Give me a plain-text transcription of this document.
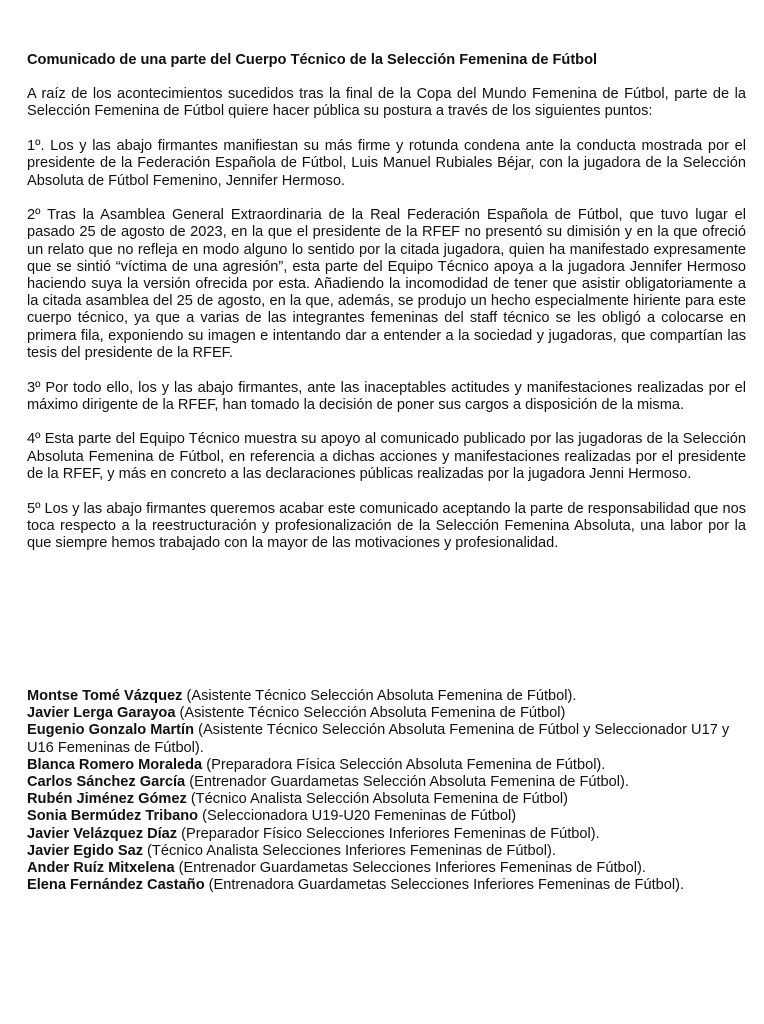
Comunicado de una parte del Cuerpo Técnico de la Selección Femenina de Fútbol

A raíz de los acontecimientos sucedidos tras la final de la Copa del Mundo Femenina de Fútbol, parte de la Selección Femenina de Fútbol quiere hacer pública su postura a través de los siguientes puntos:

1º. Los y las abajo firmantes manifiestan su más firme y rotunda condena ante la conducta mostrada por el presidente de la Federación Española de Fútbol, Luis Manuel Rubiales Béjar, con la jugadora de la Selección Absoluta de Fútbol Femenino, Jennifer Hermoso.

2º Tras la Asamblea General Extraordinaria de la Real Federación Española de Fútbol, que tuvo lugar el pasado 25 de agosto de 2023, en la que el presidente de la RFEF no presentó su dimisión y en la que ofreció un relato que no refleja en modo alguno lo sentido por la citada jugadora, quien ha manifestado expresamente que se sintió “víctima de una agresión”, esta parte del Equipo Técnico apoya a la jugadora Jennifer Hermoso haciendo suya la versión ofrecida por esta. Añadiendo la incomodidad de tener que asistir obligatoriamente a la citada asamblea del 25 de agosto, en la que, además, se produjo un hecho especialmente hiriente para este cuerpo técnico, ya que a varias de las integrantes femeninas del staff técnico se les obligó a colocarse en primera fila, exponiendo su imagen e intentando dar a entender a la sociedad y jugadoras, que compartían las tesis del presidente de la RFEF.

3º Por todo ello, los y las abajo firmantes, ante las inaceptables actitudes y manifestaciones realizadas por el máximo dirigente de la RFEF, han tomado la decisión de poner sus cargos a disposición de la misma.

4º Esta parte del Equipo Técnico muestra su apoyo al comunicado publicado por las jugadoras de la Selección Absoluta Femenina de Fútbol, en referencia a dichas acciones y manifestaciones realizadas por el presidente de la RFEF, y más en concreto a las declaraciones públicas realizadas por la jugadora Jenni Hermoso.

5º Los y las abajo firmantes queremos acabar este comunicado aceptando la parte de responsabilidad que nos toca respecto a la reestructuración y profesionalización de la Selección Femenina Absoluta, una labor por la que siempre hemos trabajado con la mayor de las motivaciones y profesionalidad.

Montse Tomé Vázquez (Asistente Técnico Selección Absoluta Femenina de Fútbol).

Javier Lerga Garayoa (Asistente Técnico Selección Absoluta Femenina de Fútbol)

Eugenio Gonzalo Martín (Asistente Técnico Selección Absoluta Femenina de Fútbol y Seleccionador U17 y U16 Femeninas de Fútbol).

Blanca Romero Moraleda (Preparadora Física Selección Absoluta Femenina de Fútbol).

Carlos Sánchez García (Entrenador Guardametas Selección Absoluta Femenina de Fútbol).

Rubén Jiménez Gómez (Técnico Analista Selección Absoluta Femenina de Fútbol)

Sonia Bermúdez Tribano (Seleccionadora U19-U20 Femeninas de Fútbol)

Javier Velázquez Díaz (Preparador Físico Selecciones Inferiores Femeninas de Fútbol).

Javier Egido Saz (Técnico Analista Selecciones Inferiores Femeninas de Fútbol).

Ander Ruíz Mitxelena (Entrenador Guardametas Selecciones Inferiores Femeninas de Fútbol).

Elena Fernández Castaño (Entrenadora Guardametas Selecciones Inferiores Femeninas de Fútbol).
